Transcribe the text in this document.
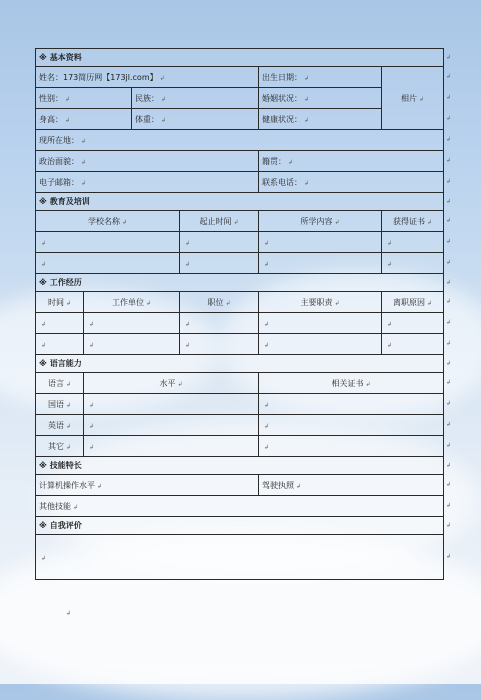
※ 基本资料					
姓名：173简历网【173jl.com】 ↲				出生日期： ↲	相片 ↲
性别： ↲		民族： ↲		婚姻状况： ↲	
身高： ↲		体重： ↲		健康状况： ↲	
现所在地： ↲					
政治面貌： ↲				籍贯： ↲	
电子邮箱： ↲				联系电话： ↲	
※ 教育及培训					
学校名称 ↲			起止时间 ↲	所学内容 ↲	获得证书 ↲
↲			↲	↲	↲
↲			↲	↲	↲
※ 工作经历					
时间 ↲	工作单位 ↲		职位 ↲	主要职责 ↲	离职原因 ↲
↲	↲		↲	↲	↲
↲	↲		↲	↲	↲
※ 语言能力					
语言 ↲	水平 ↲			相关证书 ↲	
国语 ↲	↲			↲	
英语 ↲	↲			↲	
其它 ↲	↲			↲	
※ 技能特长					
计算机操作水平 ↲				驾驶执照 ↲	
其他技能 ↲					
※ 自我评价					
↲					
↲
↲
↲
↲
↲
↲
↲
↲
↲
↲
↲
↲
↲
↲
↲
↲
↲
↲
↲
↲
↲
↲
↲
↲
↲
↲
